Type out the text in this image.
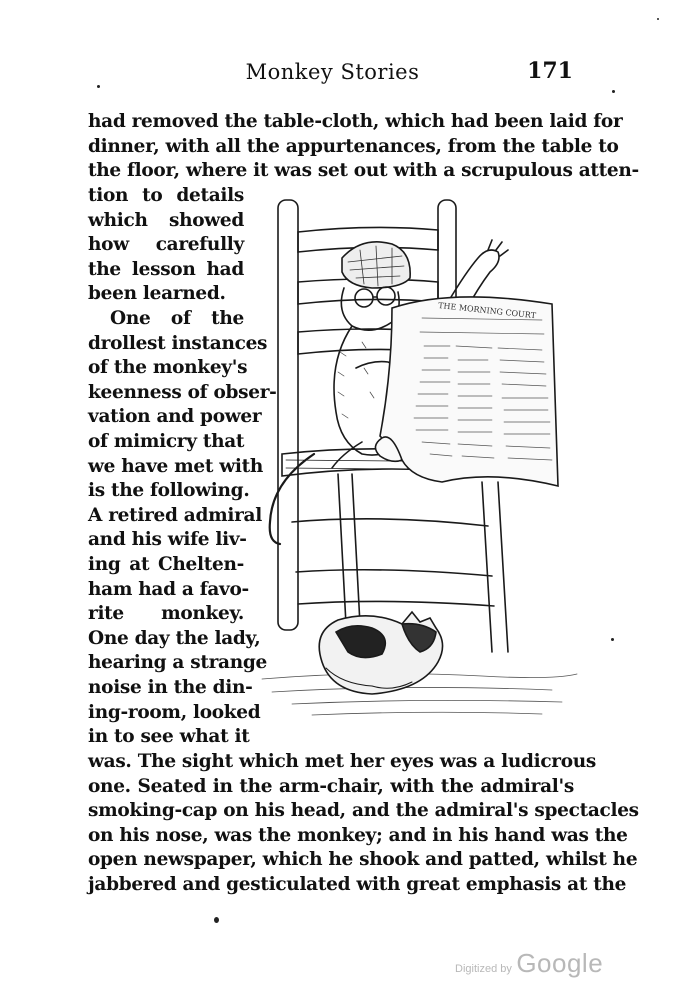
Monkey Stories	171
had removed the table-cloth, which had been laid for
dinner, with all the appurtenances, from the table to
the floor, where it was set out with a scrupulous atten-
tion to details
which showed
how carefully
the lesson had
been learned.
One of the
drollest instances
of the monkey's
keenness of obser-
vation and power
of mimicry that
we have met with
is the following.
A retired admiral
and his wife liv-
ing at Chelten-
ham had a favo-
rite monkey.
One day the lady,
hearing a strange
noise in the din-
ing-room, looked
in to see what it
was. The sight which met her eyes was a ludicrous
one. Seated in the arm-chair, with the admiral's
smoking-cap on his head, and the admiral's spectacles
on his nose, was the monkey; and in his hand was the
open newspaper, which he shook and patted, whilst he
jabbered and gesticulated with great emphasis at the
THE MORNING COURT
Digitized by Google
